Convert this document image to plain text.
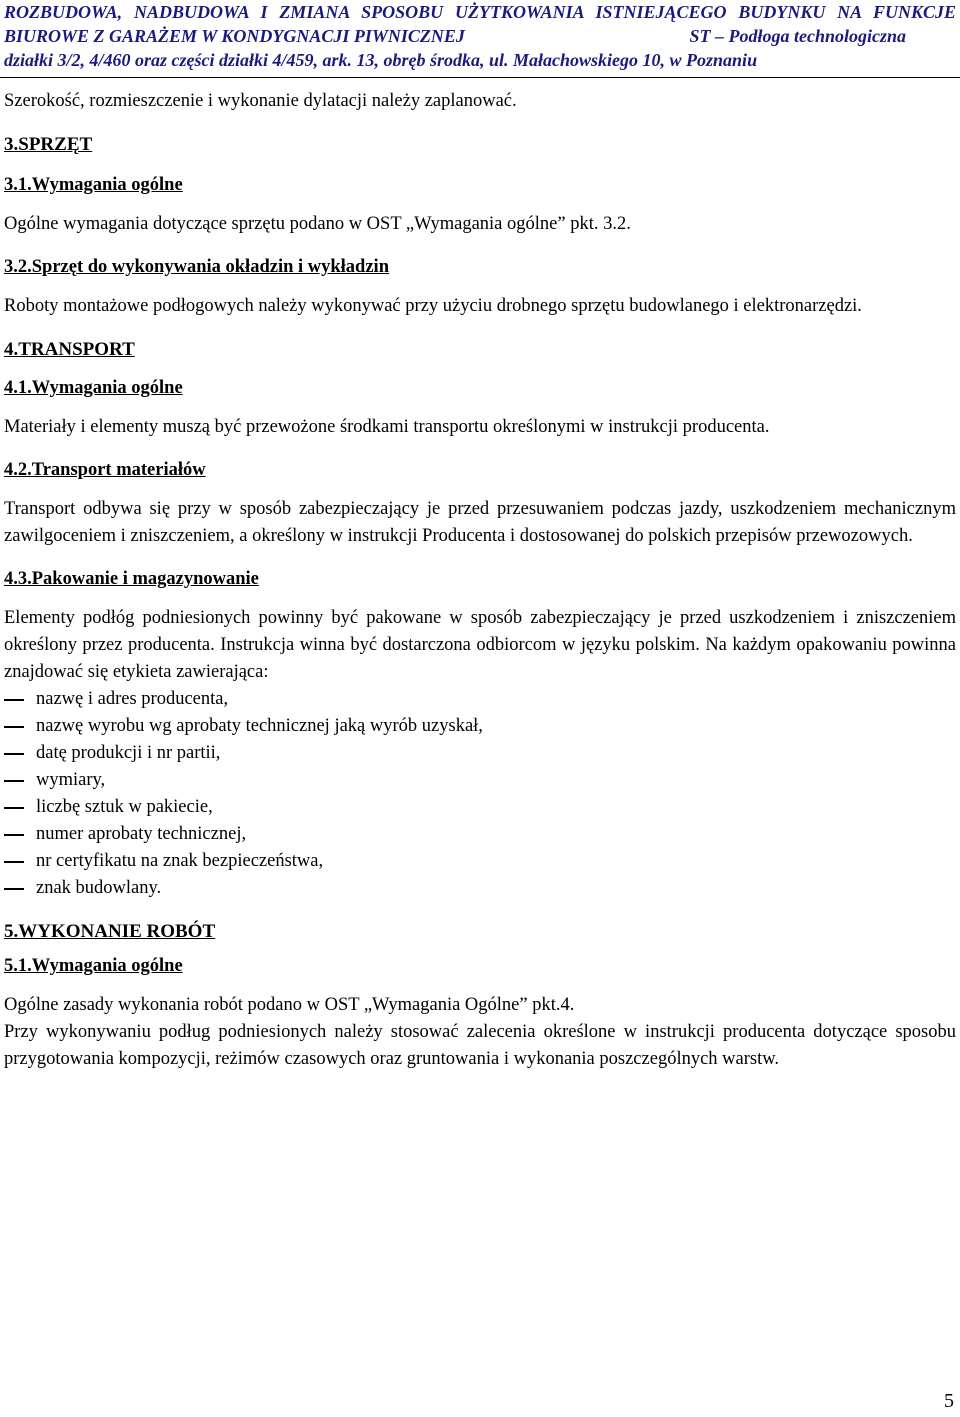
ROZBUDOWA, NADBUDOWA I ZMIANA SPOSOBU UŻYTKOWANIA ISTNIEJĄCEGO BUDYNKU NA FUNKCJE
BIUROWE Z GARAŻEM W KONDYGNACJI PIWNICZNEJ	ST – Podłoga technologiczna
działki 3/2, 4/460 oraz części działki 4/459, ark. 13, obręb środka, ul. Małachowskiego 10, w Poznaniu

Szerokość, rozmieszczenie i wykonanie dylatacji należy zaplanować.

3.SPRZĘT

3.1.Wymagania ogólne

Ogólne wymagania dotyczące sprzętu podano w OST „Wymagania ogólne” pkt. 3.2.

3.2.Sprzęt do wykonywania okładzin i wykładzin

Roboty montażowe podłogowych należy wykonywać przy użyciu drobnego sprzętu budowlanego i elektronarzędzi.

4.TRANSPORT

4.1.Wymagania ogólne

Materiały i elementy muszą być przewożone środkami transportu określonymi w instrukcji producenta.

4.2.Transport materiałów

Transport odbywa się przy w sposób zabezpieczający je przed przesuwaniem podczas jazdy, uszkodzeniem mechanicznym zawilgoceniem i zniszczeniem, a określony w instrukcji Producenta i dostosowanej do polskich przepisów przewozowych.

4.3.Pakowanie i magazynowanie

Elementy podłóg podniesionych powinny być pakowane w sposób zabezpieczający je przed uszkodzeniem i zniszczeniem określony przez producenta. Instrukcja winna być dostarczona odbiorcom w języku polskim. Na każdym opakowaniu powinna znajdować się etykieta zawierająca:

nazwę i adres producenta,
nazwę wyrobu wg aprobaty technicznej jaką wyrób uzyskał,
datę produkcji i nr partii,
wymiary,
liczbę sztuk w pakiecie,
numer aprobaty technicznej,
nr certyfikatu na znak bezpieczeństwa,
znak budowlany.

5.WYKONANIE ROBÓT

5.1.Wymagania ogólne

Ogólne zasady wykonania robót podano w OST „Wymagania Ogólne” pkt.4.

Przy wykonywaniu podług podniesionych należy stosować zalecenia określone w instrukcji producenta dotyczące sposobu przygotowania kompozycji, reżimów czasowych oraz gruntowania i wykonania poszczególnych warstw.

5
